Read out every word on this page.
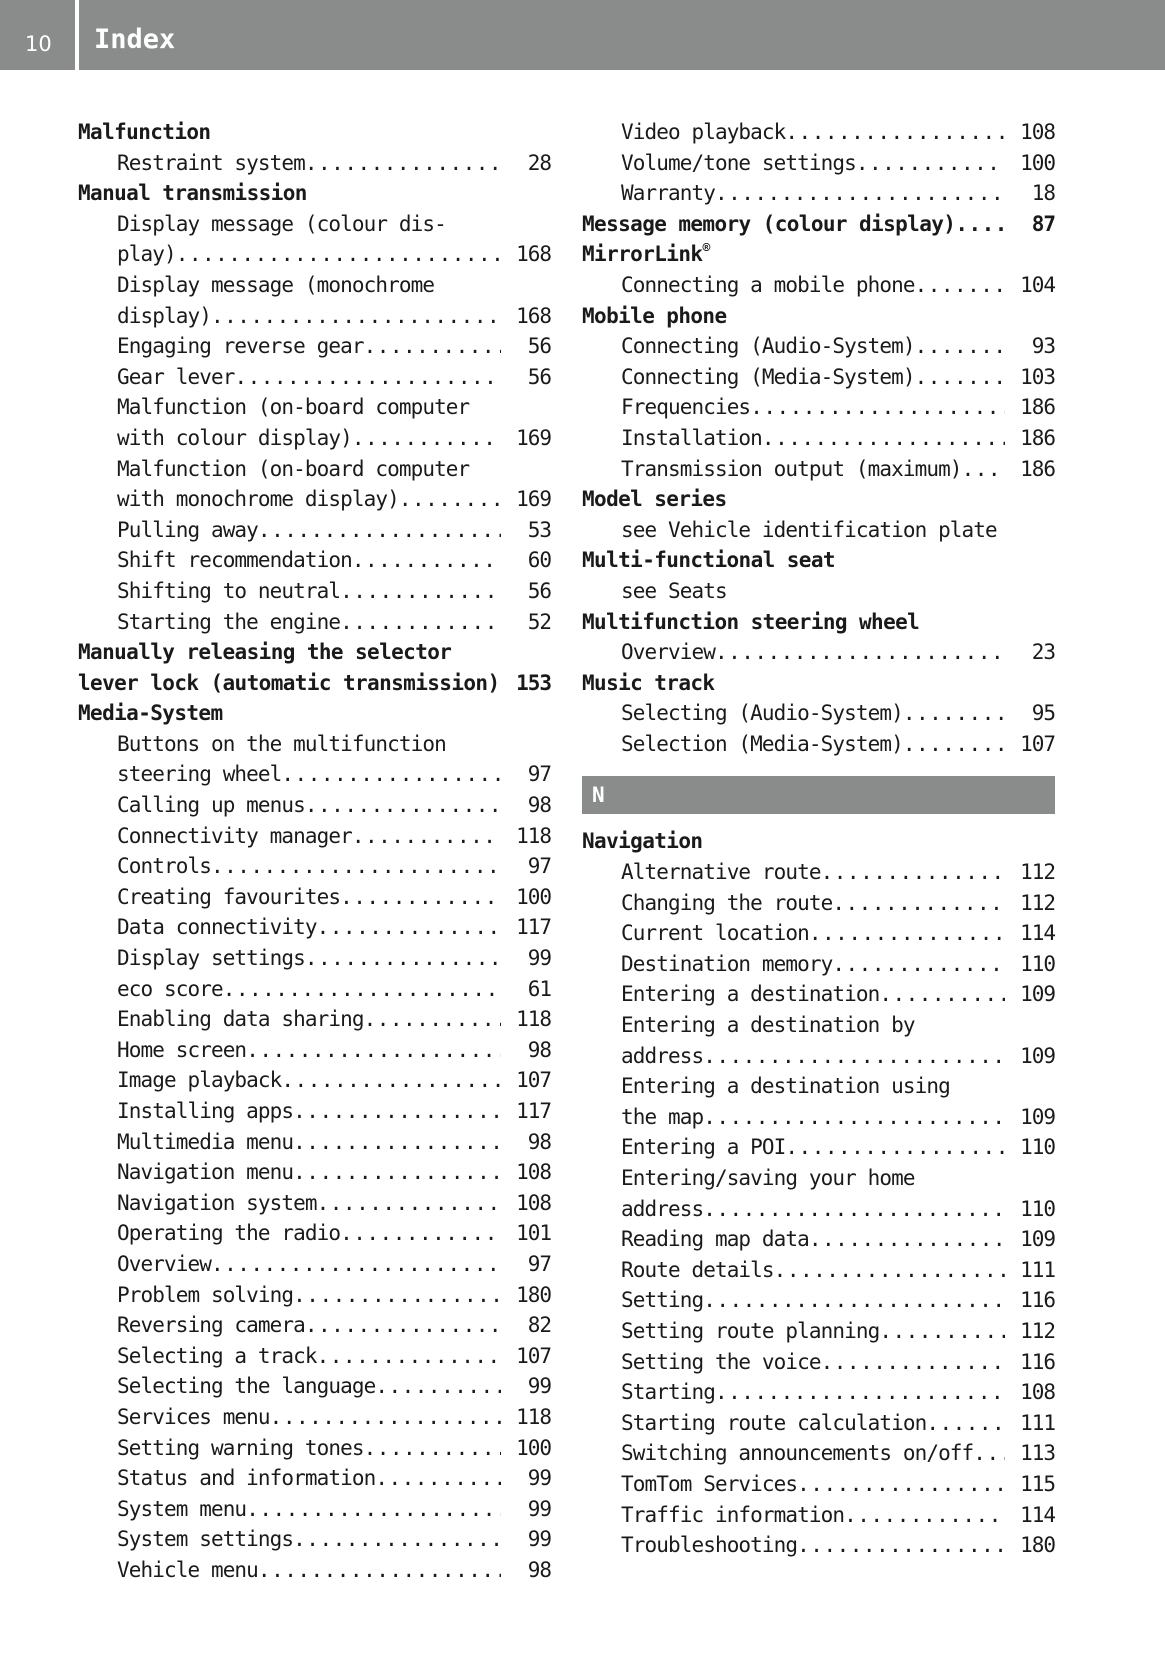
10 Index
Malfunction
Restraint system .....	28
Manual transmission
Display message (colour dis-
play) .....	168
Display message (monochrome
display) .....	168
Engaging reverse gear .....	56
Gear lever .....	56
Malfunction (on-board computer
with colour display) .....	169
Malfunction (on-board computer
with monochrome display) .....	169
Pulling away .....	53
Shift recommendation .....	60
Shifting to neutral .....	56
Starting the engine .....	52
Manually releasing the selector
lever lock (automatic transmission) ..... 153
Media-System
Buttons on the multifunction
steering wheel .....	97
Calling up menus .....	98
Connectivity manager .....	118
Controls .....	97
Creating favourites .....	100
Data connectivity .....	117
Display settings .....	99
eco score .....	61
Enabling data sharing .....	118
Home screen .....	98
Image playback .....	107
Installing apps .....	117
Multimedia menu .....	98
Navigation menu .....	108
Navigation system .....	108
Operating the radio .....	101
Overview .....	97
Problem solving .....	180
Reversing camera .....	82
Selecting a track .....	107
Selecting the language .....	99
Services menu .....	118
Setting warning tones .....	100
Status and information .....	99
System menu .....	99
System settings .....	99
Vehicle menu .....	98
Video playback .....	108
Volume/tone settings .....	100
Warranty .....	18
Message memory (colour display) .....	87
MirrorLink®
Connecting a mobile phone .....	104
Mobile phone
Connecting (Audio-System) .....	93
Connecting (Media-System) .....	103
Frequencies .....	186
Installation .....	186
Transmission output (maximum) .....	186
Model series
see Vehicle identification plate
Multi-functional seat
see Seats
Multifunction steering wheel
Overview .....	23
Music track
Selecting (Audio-System) .....	95
Selection (Media-System) .....	107
N
Navigation
Alternative route .....	112
Changing the route .....	112
Current location .....	114
Destination memory .....	110
Entering a destination .....	109
Entering a destination by
address .....	109
Entering a destination using
the map .....	109
Entering a POI .....	110
Entering/saving your home
address .....	110
Reading map data .....	109
Route details .....	111
Setting .....	116
Setting route planning .....	112
Setting the voice .....	116
Starting .....	108
Starting route calculation .....	111
Switching announcements on/off .....	113
TomTom Services .....	115
Traffic information .....	114
Troubleshooting .....	180
